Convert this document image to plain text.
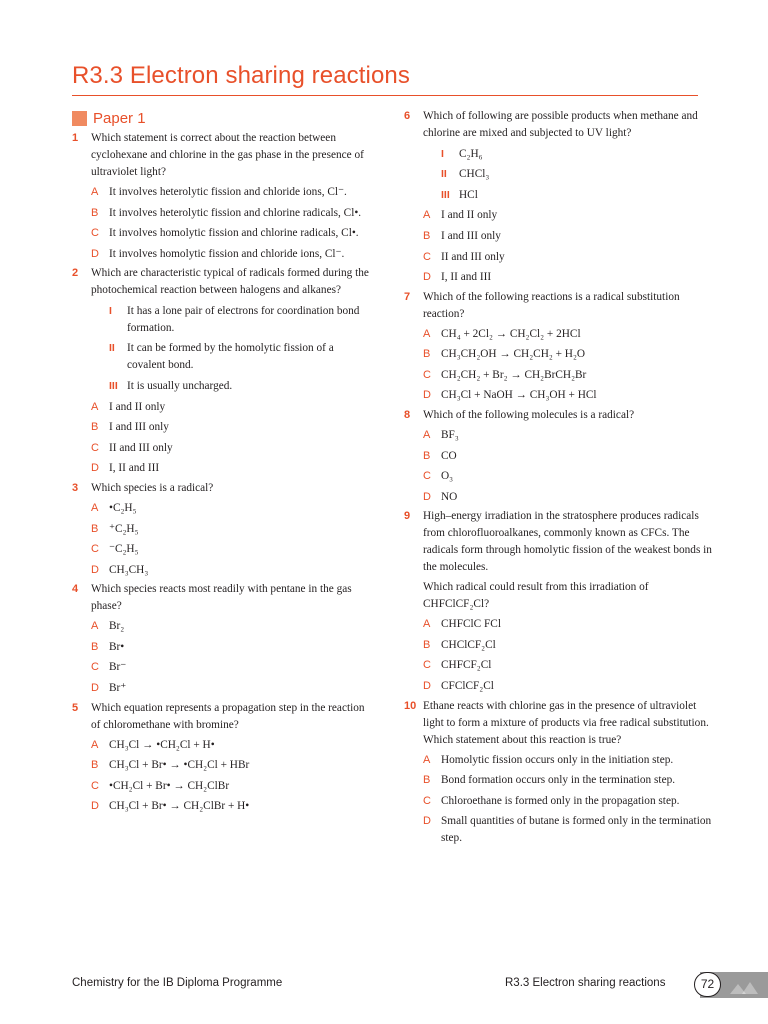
R3.3 Electron sharing reactions
Paper 1
1 Which statement is correct about the reaction between cyclohexane and chlorine in the gas phase in the presence of ultraviolet light?

A It involves heterolytic fission and chloride ions, Cl⁻.
B It involves heterolytic fission and chlorine radicals, Cl•.
C It involves homolytic fission and chlorine radicals, Cl•.
D It involves homolytic fission and chloride ions, Cl⁻.
2 Which are characteristic typical of radicals formed during the photochemical reaction between halogens and alkanes?

I It has a lone pair of electrons for coordination bond formation.
II It can be formed by the homolytic fission of a covalent bond.
III It is usually uncharged.
A I and II only
B I and III only
C II and III only
D I, II and III
3 Which species is a radical?

A •C₂H₅
B ⁺C₂H₅
C ⁻C₂H₅
D CH₃CH₃
4 Which species reacts most readily with pentane in the gas phase?

A Br₂
B Br•
C Br⁻
D Br⁺
5 Which equation represents a propagation step in the reaction of chloromethane with bromine?

A CH₃Cl → •CH₂Cl + H•
B CH₃Cl + Br• → •CH₂Cl + HBr
C •CH₂Cl + Br• → CH₂ClBr
D CH₃Cl + Br• → CH₂ClBr + H•
6 Which of following are possible products when methane and chlorine are mixed and subjected to UV light?

I C₂H₆
II CHCl₃
III HCl
A I and II only
B I and III only
C II and III only
D I, II and III
7 Which of the following reactions is a radical substitution reaction?

A CH₄ + 2Cl₂ → CH₂Cl₂ + 2HCl
B CH₃CH₂OH → CH₂CH₂ + H₂O
C CH₂CH₂ + Br₂ → CH₂BrCH₂Br
D CH₃Cl + NaOH → CH₃OH + HCl
8 Which of the following molecules is a radical?

A BF₃
B CO
C O₃
D NO
9 High–energy irradiation in the stratosphere produces radicals from chlorofluoroalkanes, commonly known as CFCs. The radicals form through homolytic fission of the weakest bonds in the molecules.

Which radical could result from this irradiation of CHFClCF₂Cl?
A CHFClC FCl
B CHClCF₂Cl
C CHFCF₂Cl
D CFClCF₂Cl
10 Ethane reacts with chlorine gas in the presence of ultraviolet light to form a mixture of products via free radical substitution. Which statement about this reaction is true?

A Homolytic fission occurs only in the initiation step.
B Bond formation occurs only in the termination step.
C Chloroethane is formed only in the propagation step.
D Small quantities of butane is formed only in the termination step.
Chemistry for the IB Diploma Programme	R3.3 Electron sharing reactions	72
